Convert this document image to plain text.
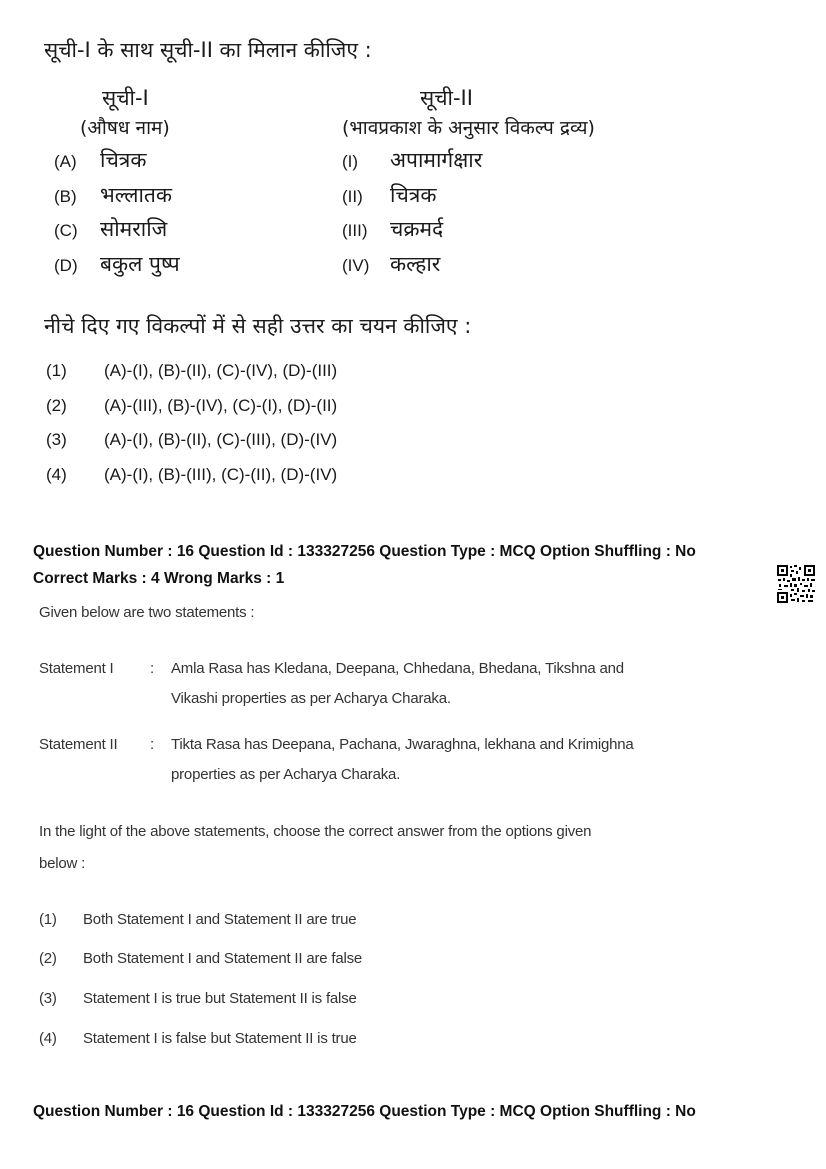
सूची-I के साथ सूची-II का मिलान कीजिए :
सूची-I
(औषध नाम)
सूची-II
(भावप्रकाश के अनुसार विकल्प द्रव्य)
(A) चित्रक
(B) भल्लातक
(C) सोमराजि
(D) बकुल पुष्प
(I) अपामार्गक्षार
(II) चित्रक
(III) चक्रमर्द
(IV) कल्हार
नीचे दिए गए विकल्पों में से सही उत्तर का चयन कीजिए :
(1) (A)-(I), (B)-(II), (C)-(IV), (D)-(III)
(2) (A)-(III), (B)-(IV), (C)-(I), (D)-(II)
(3) (A)-(I), (B)-(II), (C)-(III), (D)-(IV)
(4) (A)-(I), (B)-(III), (C)-(II), (D)-(IV)
Question Number : 16 Question Id : 133327256 Question Type : MCQ Option Shuffling : No
Correct Marks : 4 Wrong Marks : 1
Given below are two statements :
Statement I : Amla Rasa has Kledana, Deepana, Chhedana, Bhedana, Tikshna and
Vikashi properties as per Acharya Charaka.
Statement II : Tikta Rasa has Deepana, Pachana, Jwaraghna, lekhana and Krimighna
properties as per Acharya Charaka.
In the light of the above statements, choose the correct answer from the options given
below :
(1) Both Statement I and Statement II are true
(2) Both Statement I and Statement II are false
(3) Statement I is true but Statement II is false
(4) Statement I is false but Statement II is true
Question Number : 16 Question Id : 133327256 Question Type : MCQ Option Shuffling : No
